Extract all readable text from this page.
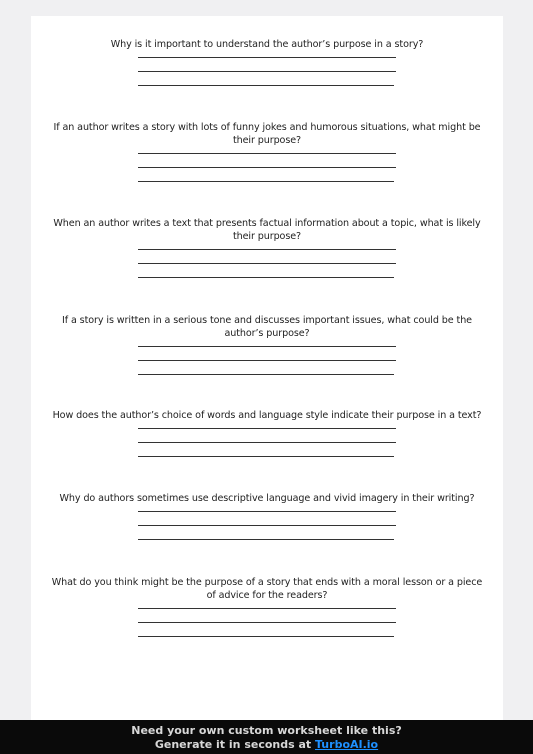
Why is it important to understand the author’s purpose in a story?
If an author writes a story with lots of funny jokes and humorous situations, what might be their purpose?
When an author writes a text that presents factual information about a topic, what is likely their purpose?
If a story is written in a serious tone and discusses important issues, what could be the author’s purpose?
How does the author’s choice of words and language style indicate their purpose in a text?
Why do authors sometimes use descriptive language and vivid imagery in their writing?
What do you think might be the purpose of a story that ends with a moral lesson or a piece of advice for the readers?
Need your own custom worksheet like this?
Generate it in seconds at TurboAI.io
